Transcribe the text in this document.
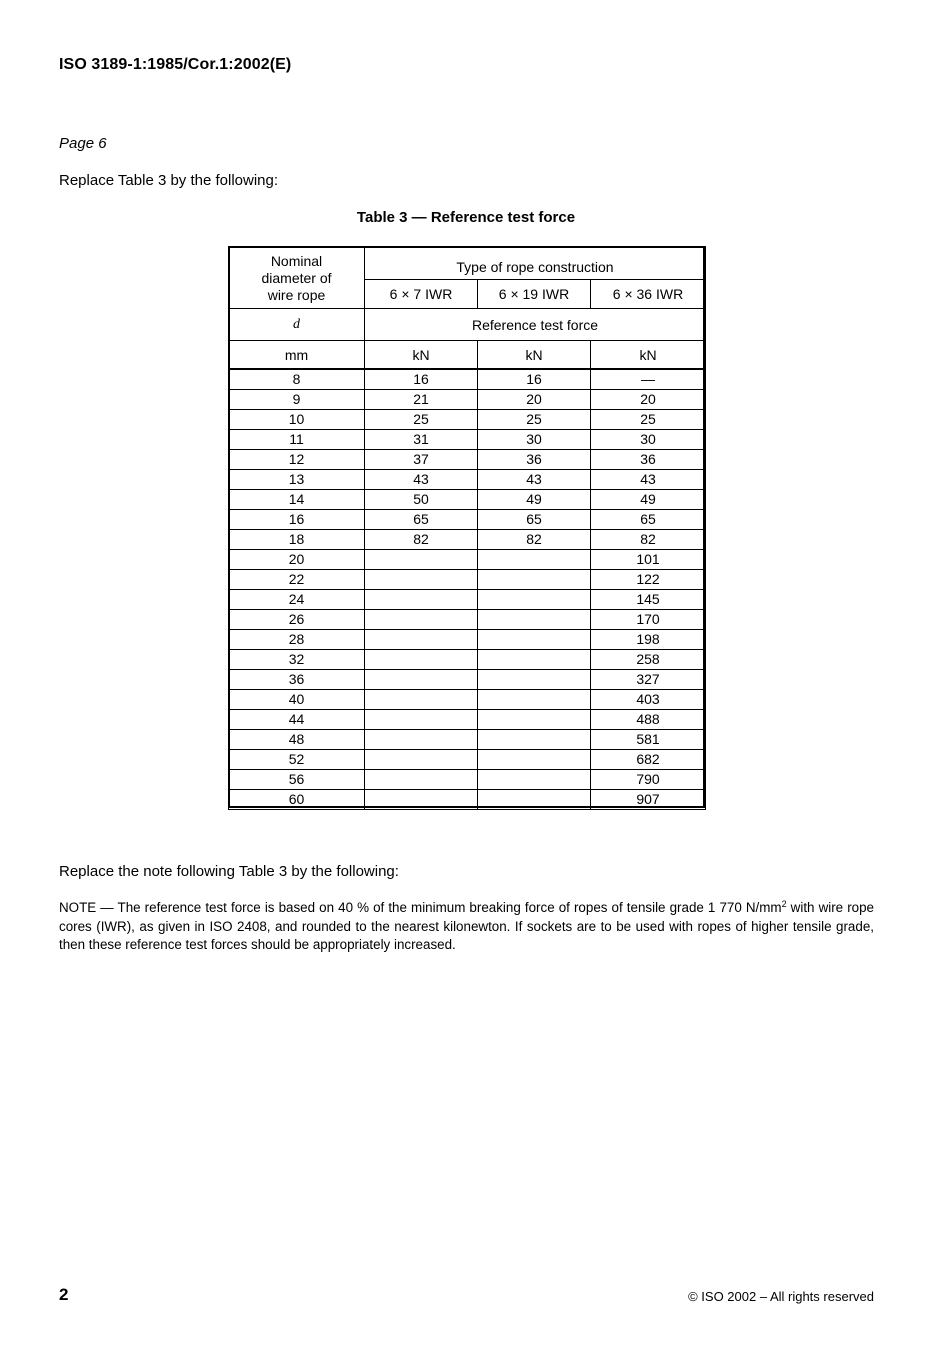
ISO 3189-1:1985/Cor.1:2002(E)
Page 6
Replace Table 3 by the following:
Table 3 — Reference test force
Nominal
diameter of
wire rope	Type of rope construction		
	6 × 7 IWR	6 × 19 IWR	6 × 36 IWR
d	Reference test force		
mm	kN	kN	kN
8	16	16	—
9	21	20	20
10	25	25	25
11	31	30	30
12	37	36	36
13	43	43	43
14	50	49	49
16	65	65	65
18	82	82	82
20			101
22			122
24			145
26			170
28			198
32			258
36			327
40			403
44			488
48			581
52			682
56			790
60			907
Replace the note following Table 3 by the following:
NOTE — The reference test force is based on 40 % of the minimum breaking force of ropes of tensile grade 1 770 $N/mm^2$ with wire rope cores (IWR), as given in ISO 2408, and rounded to the nearest kilonewton. If sockets are to be used with ropes of higher tensile grade, then these reference test forces should be appropriately increased.
2	© ISO 2002 – All rights reserved
